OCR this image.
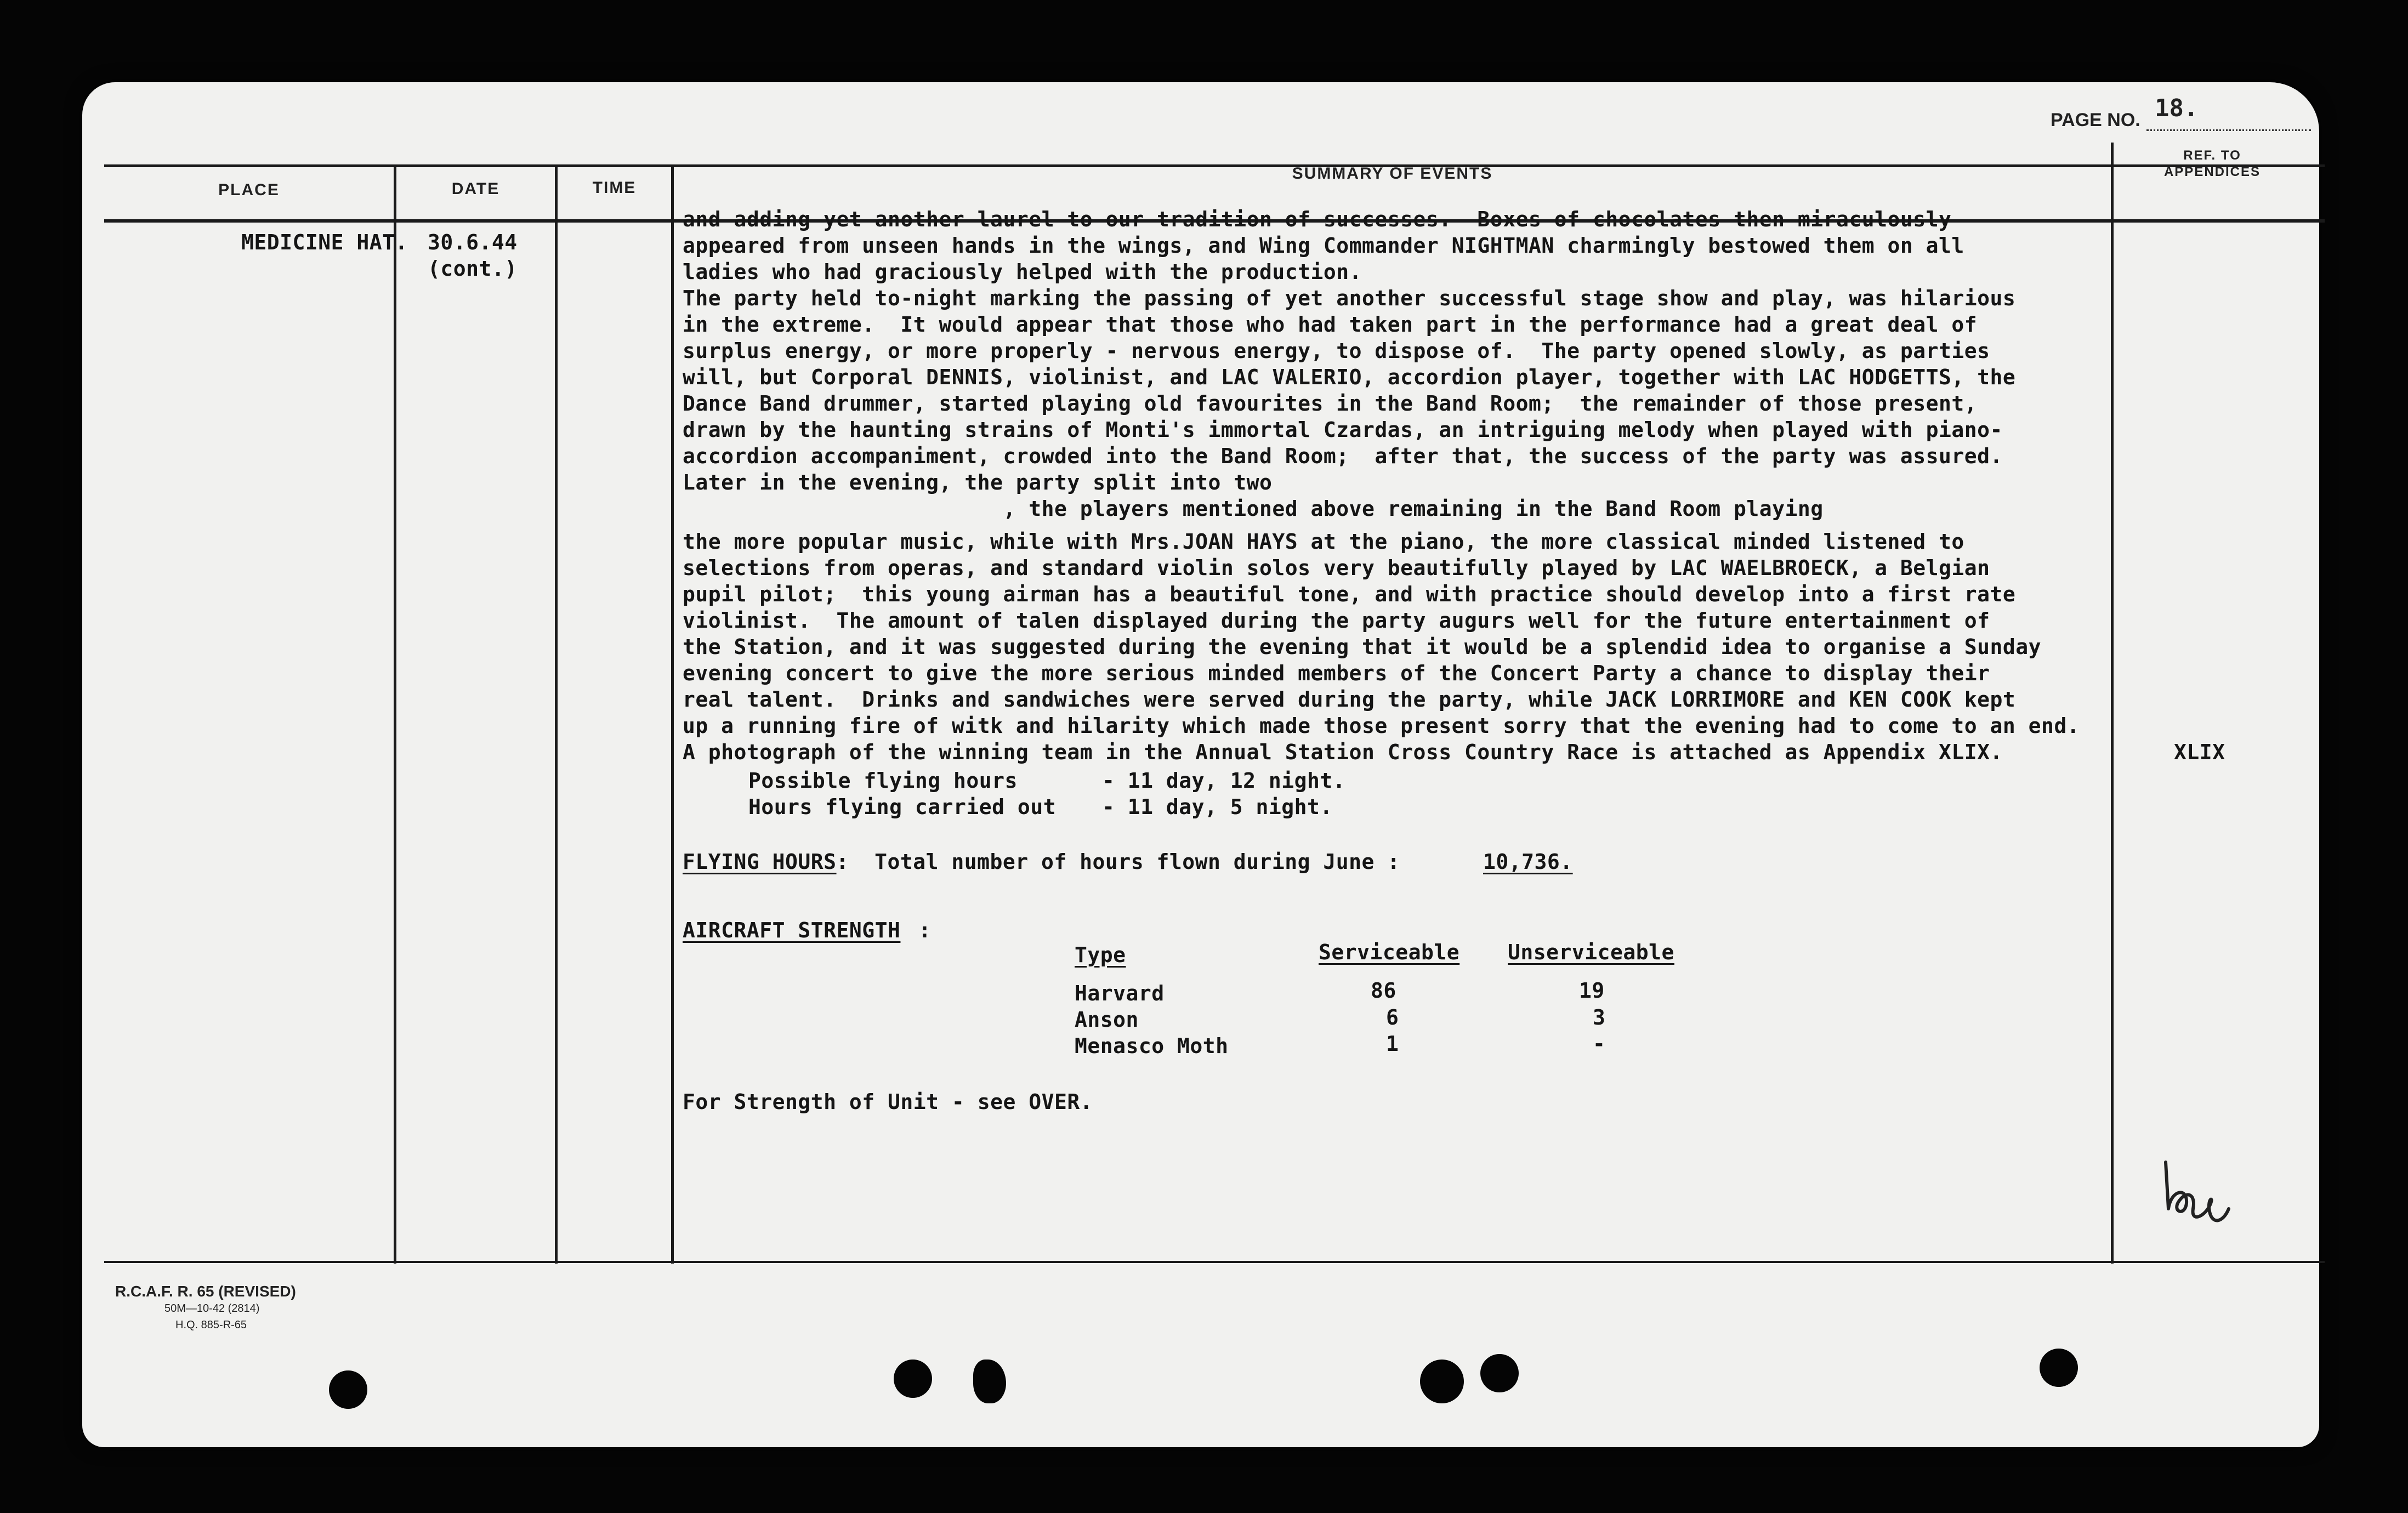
PAGE NO. 18.
PLACE	DATE	TIME
SUMMARY OF EVENTS
REF. TO
APPENDICES
MEDICINE HAT. 30.6.44
(cont.)
and adding yet another laurel to our tradition of successes.  Boxes of chocolates then miraculously
appeared from unseen hands in the wings, and Wing Commander NIGHTMAN charmingly bestowed them on all
ladies who had graciously helped with the production.
The party held to-night marking the passing of yet another successful stage show and play, was hilarious
in the extreme.  It would appear that those who had taken part in the performance had a great deal of
surplus energy, or more properly - nervous energy, to dispose of.  The party opened slowly, as parties
will, but Corporal DENNIS, violinist, and LAC VALERIO, accordion player, together with LAC HODGETTS, the
Dance Band drummer, started playing old favourites in the Band Room;  the remainder of those present,
drawn by the haunting strains of Monti's immortal Czardas, an intriguing melody when played with piano-
accordion accompaniment, crowded into the Band Room;  after that, the success of the party was assured.
Later in the evening, the party split into two
, the players mentioned above remaining in the Band Room playing
the more popular music, while with Mrs.JOAN HAYS at the piano, the more classical minded listened to
selections from operas, and standard violin solos very beautifully played by LAC WAELBROECK, a Belgian
pupil pilot;  this young airman has a beautiful tone, and with practice should develop into a first rate
violinist.  The amount of talen displayed during the party augurs well for the future entertainment of
the Station, and it was suggested during the evening that it would be a splendid idea to organise a Sunday
evening concert to give the more serious minded members of the Concert Party a chance to display their
real talent.  Drinks and sandwiches were served during the party, while JACK LORRIMORE and KEN COOK kept
up a running fire of witk and hilarity which made those present sorry that the evening had to come to an end.
A photograph of the winning team in the Annual Station Cross Country Race is attached as Appendix XLIX.	XLIX
Possible flying hours	- 11 day, 12 night.
Hours flying carried out - 11 day, 5 night.
FLYING HOURS :  Total number of hours flown during June :	10,736.
AIRCRAFT STRENGTH :
Type	Serviceable Unserviceable
Harvard	86	19
Anson	6	3
Menasco Moth	1	-
For Strength of Unit - see OVER.
R.C.A.F. R. 65 (REVISED)
50M—10-42 (2814)
H.Q. 885-R-65
